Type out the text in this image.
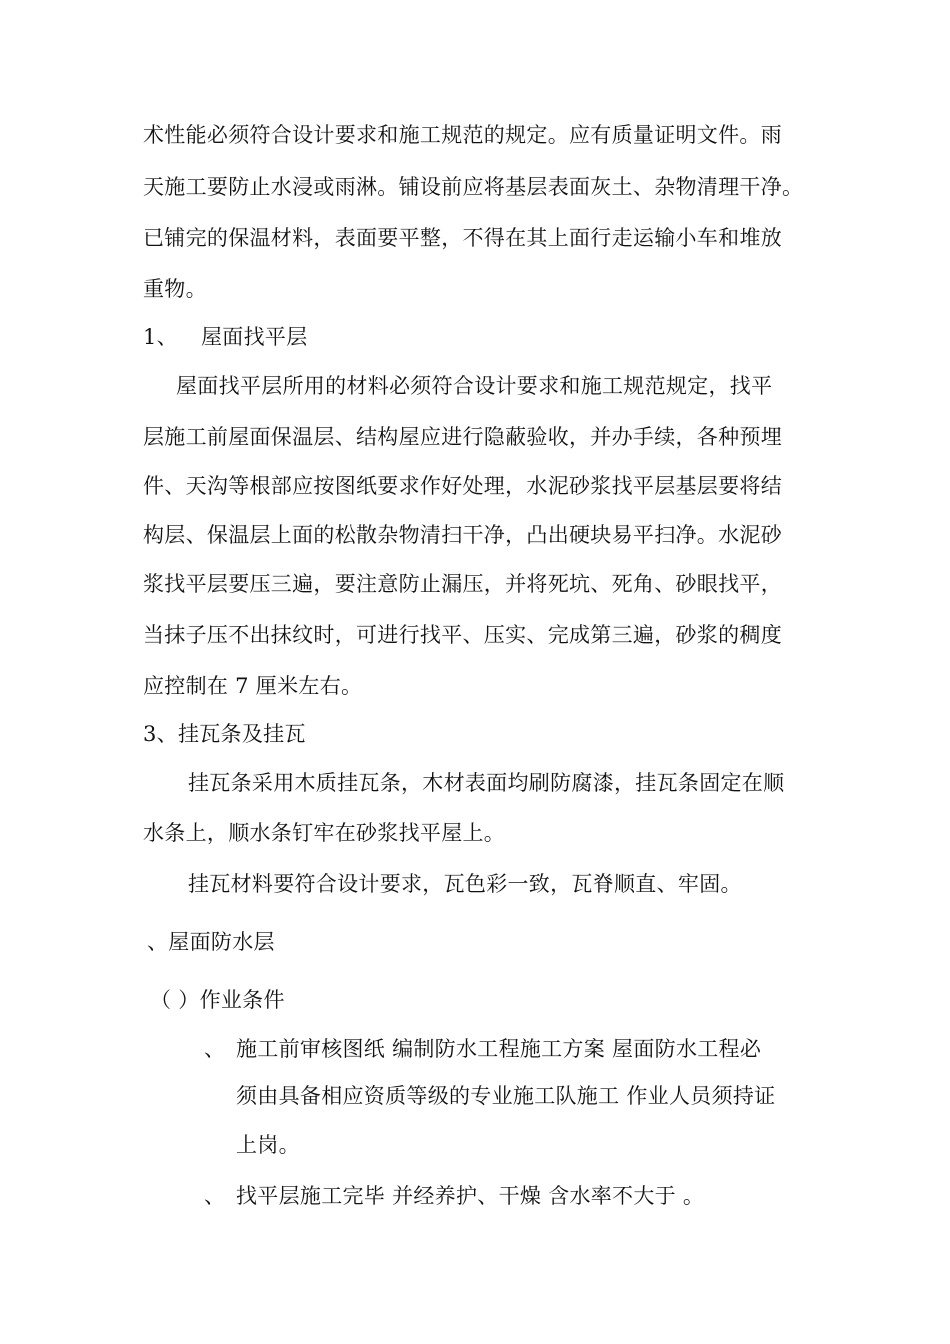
术性能必须符合设计要求和施工规范的规定。应有质量证明文件。雨
天施工要防止水浸或雨淋。铺设前应将基层表面灰土、杂物清理干净。
已铺完的保温材料，表面要平整，不得在其上面行走运输小车和堆放
重物。
1、 屋面找平层
屋面找平层所用的材料必须符合设计要求和施工规范规定，找平
层施工前屋面保温层、结构屋应进行隐蔽验收，并办手续，各种预埋
件、天沟等根部应按图纸要求作好处理，水泥砂浆找平层基层要将结
构层、保温层上面的松散杂物清扫干净，凸出硬块易平扫净。水泥砂
浆找平层要压三遍，要注意防止漏压，并将死坑、死角、砂眼找平，
当抹子压不出抹纹时，可进行找平、压实、完成第三遍，砂浆的稠度
应控制在 7 厘米左右。
3、挂瓦条及挂瓦
挂瓦条采用木质挂瓦条，木材表面均刷防腐漆，挂瓦条固定在顺
水条上，顺水条钉牢在砂浆找平屋上。
挂瓦材料要符合设计要求，瓦色彩一致，瓦脊顺直、牢固。
、屋面防水层
（ ）作业条件
、 施工前审核图纸 编制防水工程施工方案 屋面防水工程必
须由具备相应资质等级的专业施工队施工 作业人员须持证
上岗。
、 找平层施工完毕 并经养护、干燥 含水率不大于 。
